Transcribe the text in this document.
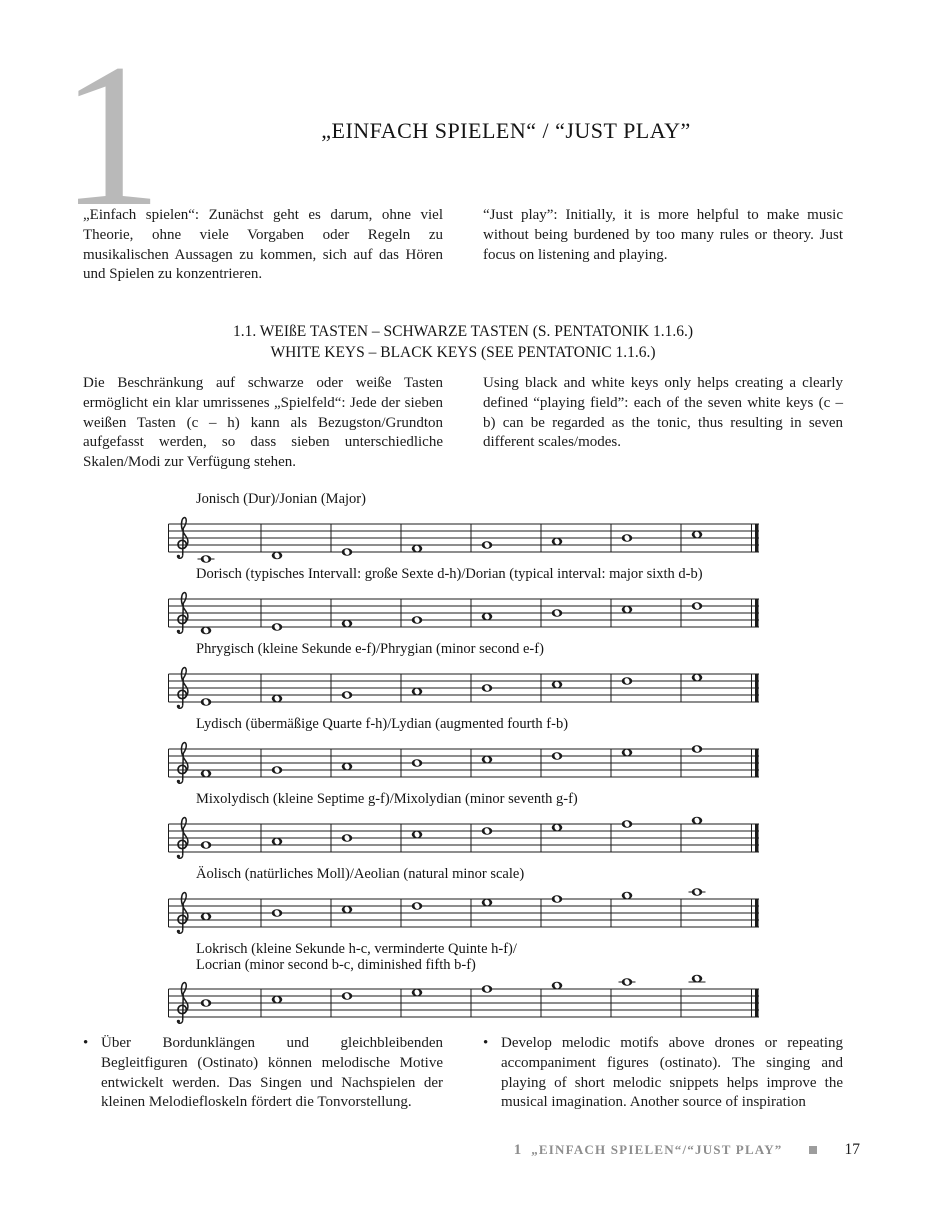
1	„EINFACH SPIELEN“ / “JUST PLAY”

„Einfach spielen“: Zunächst geht es darum, ohne viel Theorie, ohne viele Vorgaben oder Regeln zu musikalischen Aussagen zu kommen, sich auf das Hören und Spielen zu konzentrieren.

“Just play”: Initially, it is more helpful to make music without being burdened by too many rules or theory. Just focus on listening and playing.

1.1. WEIßE TASTEN – SCHWARZE TASTEN (S. PENTATONIK 1.1.6.)
WHITE KEYS – BLACK KEYS (SEE PENTATONIC 1.1.6.)

Die Beschränkung auf schwarze oder weiße Tasten ermöglicht ein klar umrissenes „Spielfeld“: Jede der sieben weißen Tasten (c – h) kann als Bezugston/Grundton aufgefasst werden, so dass sieben unterschiedliche Skalen/Modi zur Verfügung stehen.

Using black and white keys only helps creating a clearly defined “playing field”: each of the seven white keys (c – b) can be regarded as the tonic, thus resulting in seven different scales/modes.

Jonisch (Dur)/Jonian (Major)
Dorisch (typisches Intervall: große Sexte d-h)/Dorian (typical interval: major sixth d-b)
Phrygisch (kleine Sekunde e-f)/Phrygian (minor second e-f)
Lydisch (übermäßige Quarte f-h)/Lydian (augmented fourth f-b)
Mixolydisch (kleine Septime g-f)/Mixolydian (minor seventh g-f)
Äolisch (natürliches Moll)/Aeolian (natural minor scale)
Lokrisch (kleine Sekunde h-c, verminderte Quinte h-f)/
Locrian (minor second b-c, diminished fifth b-f)
• Über Bordunklängen und gleichbleibenden Begleitfiguren (Ostinato) können melodische Motive entwickelt werden. Das Singen und Nachspielen der kleinen Melodiefloskeln fördert die Tonvorstellung.

• Develop melodic motifs above drones or repeating accompaniment figures (ostinato). The singing and playing of short melodic snippets helps improve the musical imagination. Another source of inspiration

1 „EINFACH SPIELEN“/“JUST PLAY”	17
